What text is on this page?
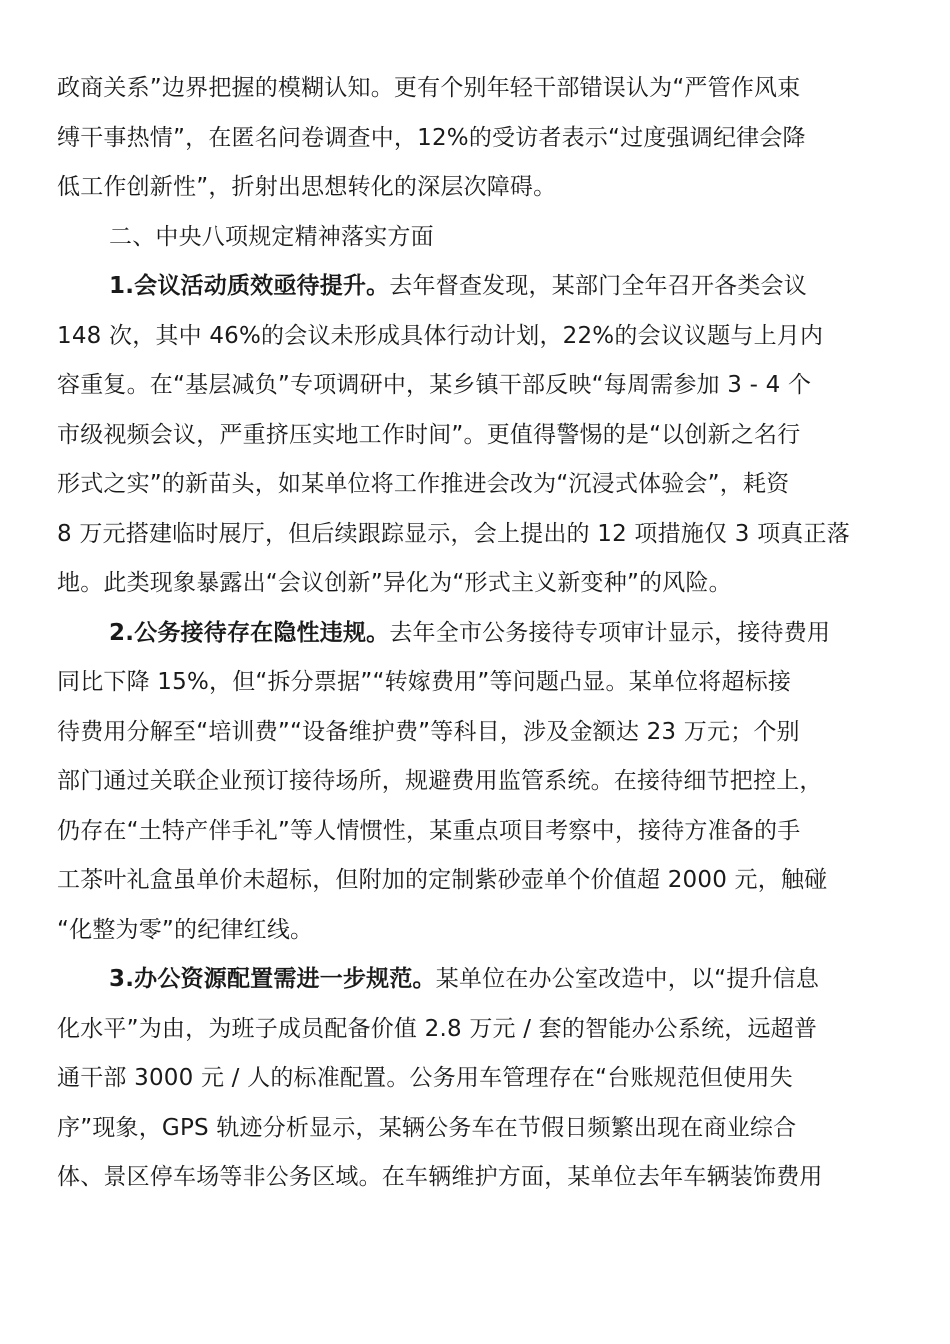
政商关系”边界把握的模糊认知。更有个别年轻干部错误认为“严管作风束
缚干事热情”，在匿名问卷调查中，12%的受访者表示“过度强调纪律会降
低工作创新性”，折射出思想转化的深层次障碍。
二、中央八项规定精神落实方面
1.会议活动质效亟待提升。去年督查发现，某部门全年召开各类会议
148 次，其中 46%的会议未形成具体行动计划，22%的会议议题与上月内
容重复。在“基层减负”专项调研中，某乡镇干部反映“每周需参加 3 - 4 个
市级视频会议，严重挤压实地工作时间”。更值得警惕的是“以创新之名行
形式之实”的新苗头，如某单位将工作推进会改为“沉浸式体验会”，耗资
8 万元搭建临时展厅，但后续跟踪显示，会上提出的 12 项措施仅 3 项真正落
地。此类现象暴露出“会议创新”异化为“形式主义新变种”的风险。
2.公务接待存在隐性违规。去年全市公务接待专项审计显示，接待费用
同比下降 15%，但“拆分票据”“转嫁费用”等问题凸显。某单位将超标接
待费用分解至“培训费”“设备维护费”等科目，涉及金额达 23 万元；个别
部门通过关联企业预订接待场所，规避费用监管系统。在接待细节把控上，
仍存在“土特产伴手礼”等人情惯性，某重点项目考察中，接待方准备的手
工茶叶礼盒虽单价未超标，但附加的定制紫砂壶单个价值超 2000 元，触碰
“化整为零”的纪律红线。
3.办公资源配置需进一步规范。某单位在办公室改造中，以“提升信息
化水平”为由，为班子成员配备价值 2.8 万元 / 套的智能办公系统，远超普
通干部 3000 元 / 人的标准配置。公务用车管理存在“台账规范但使用失
序”现象，GPS 轨迹分析显示，某辆公务车在节假日频繁出现在商业综合
体、景区停车场等非公务区域。在车辆维护方面，某单位去年车辆装饰费用
